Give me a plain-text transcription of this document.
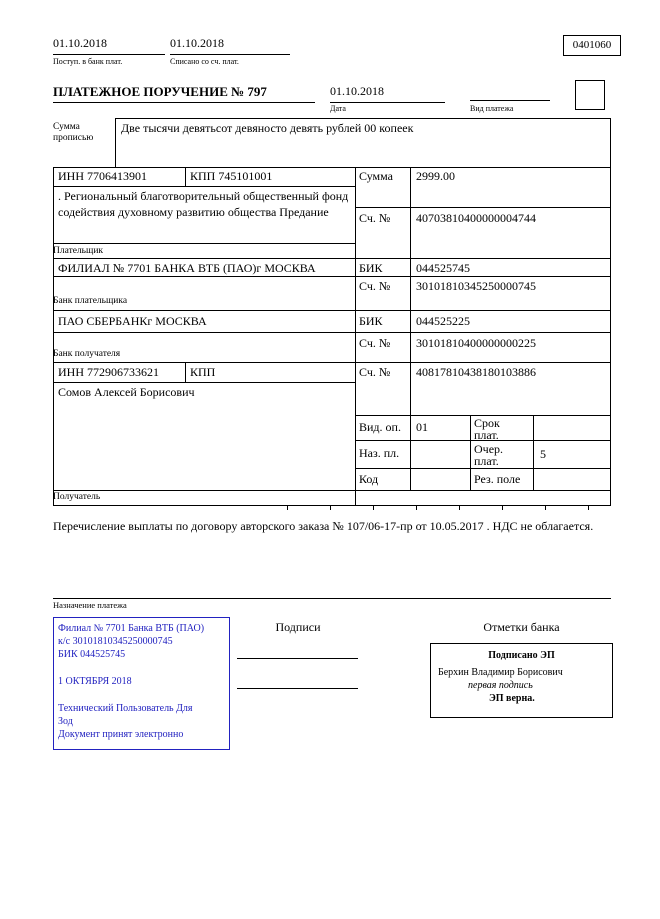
01.10.2018
Поступ. в банк плат.
01.10.2018
Списано со сч. плат.
0401060
ПЛАТЕЖНОЕ ПОРУЧЕНИЕ № 797	01.10.2018
Дата	Вид платежа
Сумма прописью
Две тысячи девятьсот девяносто девять рублей 00 копеек
ИНН 7706413901	КПП 745101001	Сумма 2999.00
. Региональный благотворительный общественный фонд содействия духовному развитию общества Предание	Сч. № 40703810400000004744
Плательщик
ФИЛИАЛ № 7701 БАНКА ВТБ (ПАО)г МОСКВА	БИК	044525745
Сч. № 30101810345250000745
Банк плательщика
ПАО СБЕРБАНКг МОСКВА	БИК	044525225
Сч. № 30101810400000000225
Банк получателя
ИНН 772906733621	КПП	Сч. № 40817810438180103886
Сомов Алексей Борисович
Получатель
Вид. оп. 01	Срок плат.
Наз. пл.	Очер. плат.	5
Код	Рез. поле
Перечисление выплаты по договору авторского заказа № 107/06-17-пр от 10.05.2017 . НДС не облагается.
Назначение платежа
Филиал № 7701 Банка ВТБ (ПАО)
к/с 30101810345250000745
БИК 044525745
1 ОКТЯБРЯ 2018
Технический Пользователь Для
Зод
Документ принят электронно
Подписи	Отметки банка
Подписано ЭП
Берхин Владимир Борисович
первая подпись
ЭП верна.
